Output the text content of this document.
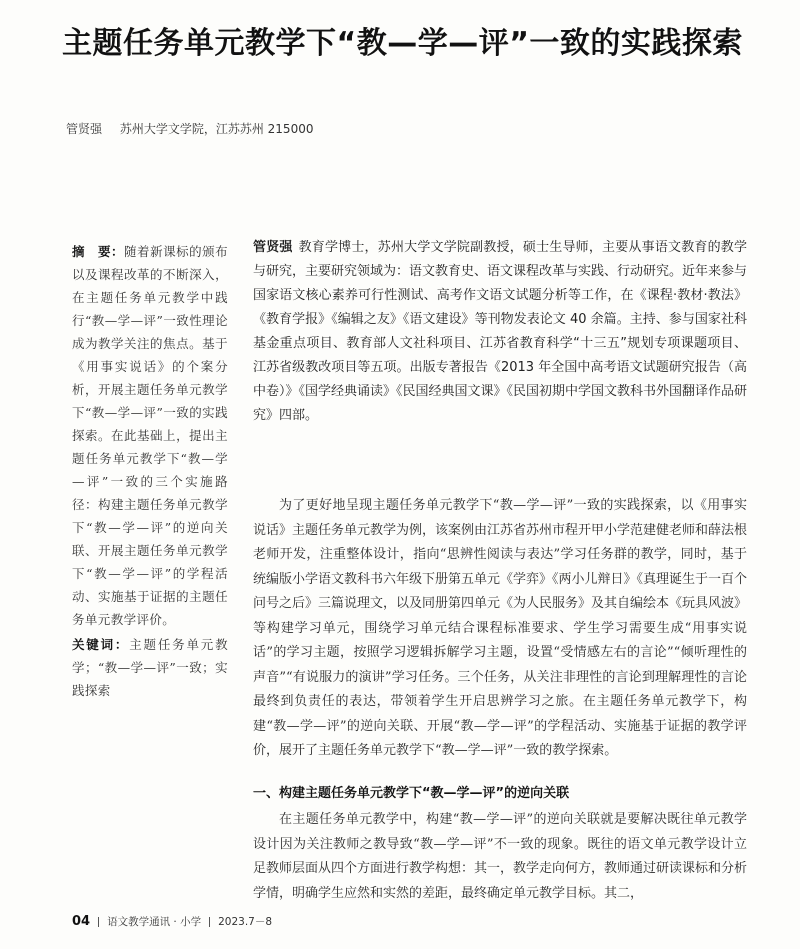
主题任务单元教学下“教—学—评”一致的实践探索
管贤强 苏州大学文学院，江苏苏州 215000

摘　要：随着新课标的颁布以及课程改革的不断深入，在主题任务单元教学中践行“教—学—评”一致性理论成为教学关注的焦点。基于《用事实说话》的个案分析，开展主题任务单元教学下“教—学—评”一致的实践探索。在此基础上，提出主题任务单元教学下“教—学—评”一致的三个实施路径：构建主题任务单元教学下“教—学—评”的逆向关联、开展主题任务单元教学下“教—学—评”的学程活动、实施基于证据的主题任务单元教学评价。

关键词：主题任务单元教学；“教—学—评”一致；实践探索

管贤强 教育学博士，苏州大学文学院副教授，硕士生导师，主要从事语文教育的教学与研究，主要研究领域为：语文教育史、语文课程改革与实践、行动研究。近年来参与国家语文核心素养可行性测试、高考作文语文试题分析等工作，在《课程·教材·教法》《教育学报》《编辑之友》《语文建设》等刊物发表论文 40 余篇。主持、参与国家社科基金重点项目、教育部人文社科项目、江苏省教育科学“十三五”规划专项课题项目、江苏省级教改项目等五项。出版专著报告《2013 年全国中高考语文试题研究报告（高中卷）》《国学经典诵读》《民国经典国文课》《民国初期中学国文教科书外国翻译作品研究》四部。

为了更好地呈现主题任务单元教学下“教—学—评”一致的实践探索，以《用事实说话》主题任务单元教学为例，该案例由江苏省苏州市程开甲小学范建健老师和薛法根老师开发，注重整体设计，指向“思辨性阅读与表达”学习任务群的教学，同时，基于统编版小学语文教科书六年级下册第五单元《学弈》《两小儿辩日》《真理诞生于一百个问号之后》三篇说理文，以及同册第四单元《为人民服务》及其自编绘本《玩具风波》等构建学习单元，围绕学习单元结合课程标准要求、学生学习需要生成“用事实说话”的学习主题，按照学习逻辑拆解学习主题，设置“受情感左右的言论”“倾听理性的声音”“有说服力的演讲”学习任务。三个任务，从关注非理性的言论到理解理性的言论最终到负责任的表达，带领着学生开启思辨学习之旅。在主题任务单元教学下，构建“教—学—评”的逆向关联、开展“教—学—评”的学程活动、实施基于证据的教学评价，展开了主题任务单元教学下“教—学—评”一致的教学探索。

一、构建主题任务单元教学下“教—学—评”的逆向关联

在主题任务单元教学中，构建“教—学—评”的逆向关联就是要解决既往单元教学设计因为关注教师之教导致“教—学—评”不一致的现象。既往的语文单元教学设计立足教师层面从四个方面进行教学构想：其一，教学走向何方，教师通过研读课标和分析学情，明确学生应然和实然的差距，最终确定单元教学目标。其二，

04 语文教学通讯 · 小学 2023.7－8
